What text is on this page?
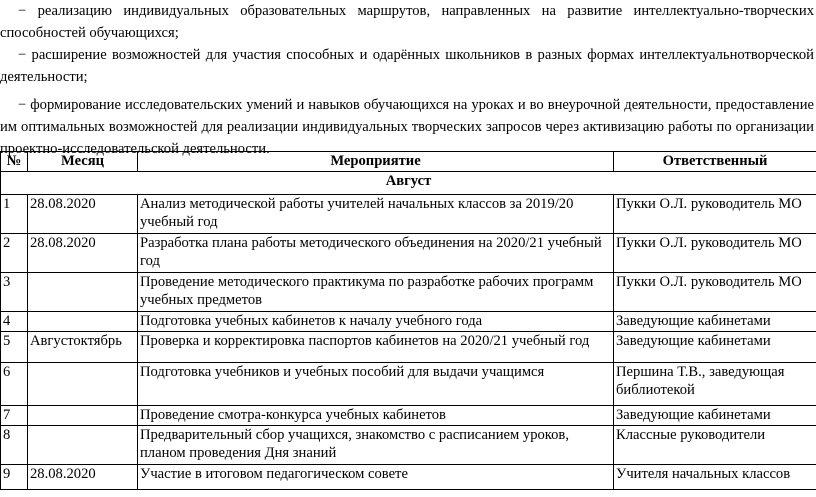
− реализацию индивидуальных образовательных маршрутов, направленных на развитие интеллектуально-творческих способностей обучающихся;

− расширение возможностей для участия способных и одарённых школьников в разных формах интеллектуальнотворческой деятельности;

− формирование исследовательских умений и навыков обучающихся на уроках и во внеурочной деятельности, предоставление им оптимальных возможностей для реализации индивидуальных творческих запросов через активизацию работы по организации проектно-исследовательской деятельности.

№	Месяц	Мероприятие	Ответственный
Август			
1	28.08.2020	Анализ методической работы учителей начальных классов за 2019/20 учебный год	Пукки О.Л. руководитель МО
2	28.08.2020	Разработка плана работы методического объединения на 2020/21 учебный год	Пукки О.Л. руководитель МО
3		Проведение методического практикума по разработке рабочих программ учебных предметов	Пукки О.Л. руководитель МО
4		Подготовка учебных кабинетов к началу учебного года	Заведующие кабинетами
5	Августоктябрь	Проверка и корректировка паспортов кабинетов на 2020/21 учебный год	Заведующие кабинетами
6		Подготовка учебников и учебных пособий для выдачи учащимся	Першина Т.В., заведующая библиотекой
7		Проведение смотра-конкурса учебных кабинетов	Заведующие кабинетами
8		Предварительный сбор учащихся, знакомство с расписанием уроков, планом проведения Дня знаний	Классные руководители
9	28.08.2020	Участие в итоговом педагогическом совете	Учителя начальных классов
